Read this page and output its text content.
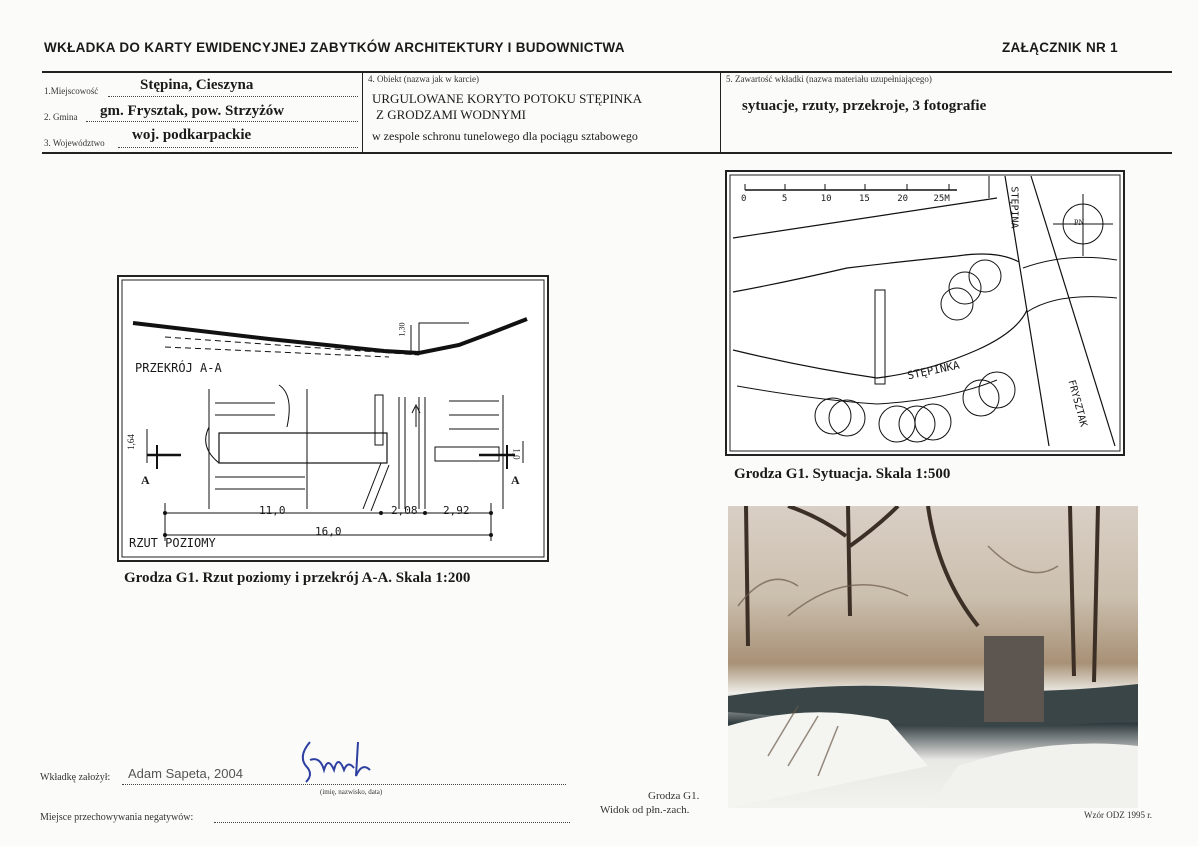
WKŁADKA DO KARTY EWIDENCYJNEJ ZABYTKÓW ARCHITEKTURY I BUDOWNICTWA	ZAŁĄCZNIK NR 1
1.Miejscowość	Stępina, Cieszyna
2. Gmina gm. Frysztak, pow. Strzyżów
3. Województwo woj. podkarpackie
4. Obiekt (nazwa jak w karcie)
URGULOWANE KORYTO POTOKU STĘPINKA
Z GRODZAMI WODNYMI
w zespole schronu tunelowego dla pociągu sztabowego
5. Zawartość wkładki (nazwa materiału uzupełniającego)
sytuacje, rzuty, przekroje, 3 fotografie
PRZEKRÓJ A-A
RZUT POZIOMY
1,30
1,64
1,0
11,0	2,08 2,92
16,0
A	A
Grodza G1. Rzut poziomy i przekrój A-A. Skala 1:200
0	5	10	15	20	25M
STĘPINKA
STĘPINA
FRYSZTAK
PN
Grodza G1. Sytuacja. Skala 1:500
Grodza G1.
Widok od płn.-zach.
Wkładkę założył: Adam Sapeta, 2004
(imię, nazwisko, data)
Miejsce przechowywania negatywów:	Wzór ODZ 1995 r.
